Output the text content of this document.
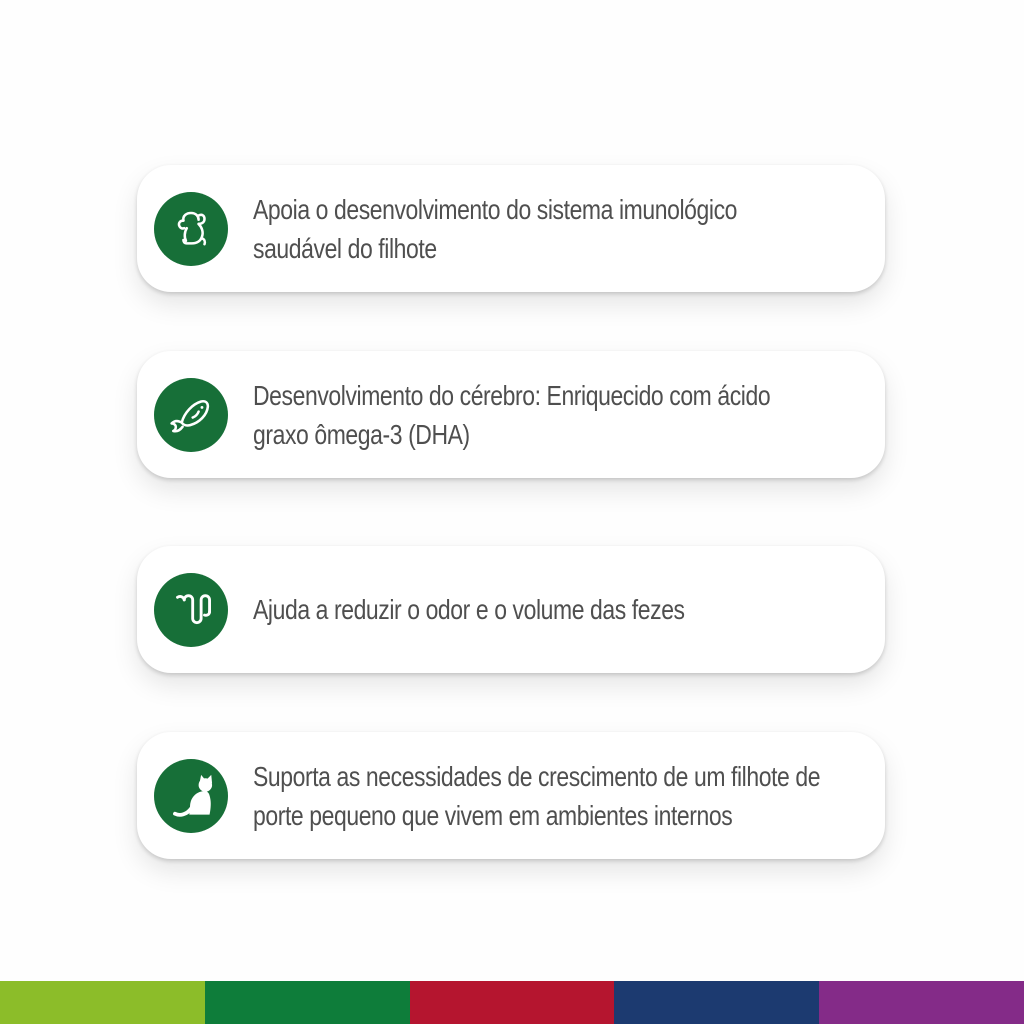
Apoia o desenvolvimento do sistema imunológico
saudável do filhote
Desenvolvimento do cérebro: Enriquecido com ácido
graxo ômega-3 (DHA)
Ajuda a reduzir o odor e o volume das fezes
Suporta as necessidades de crescimento de um filhote de
porte pequeno que vivem em ambientes internos
